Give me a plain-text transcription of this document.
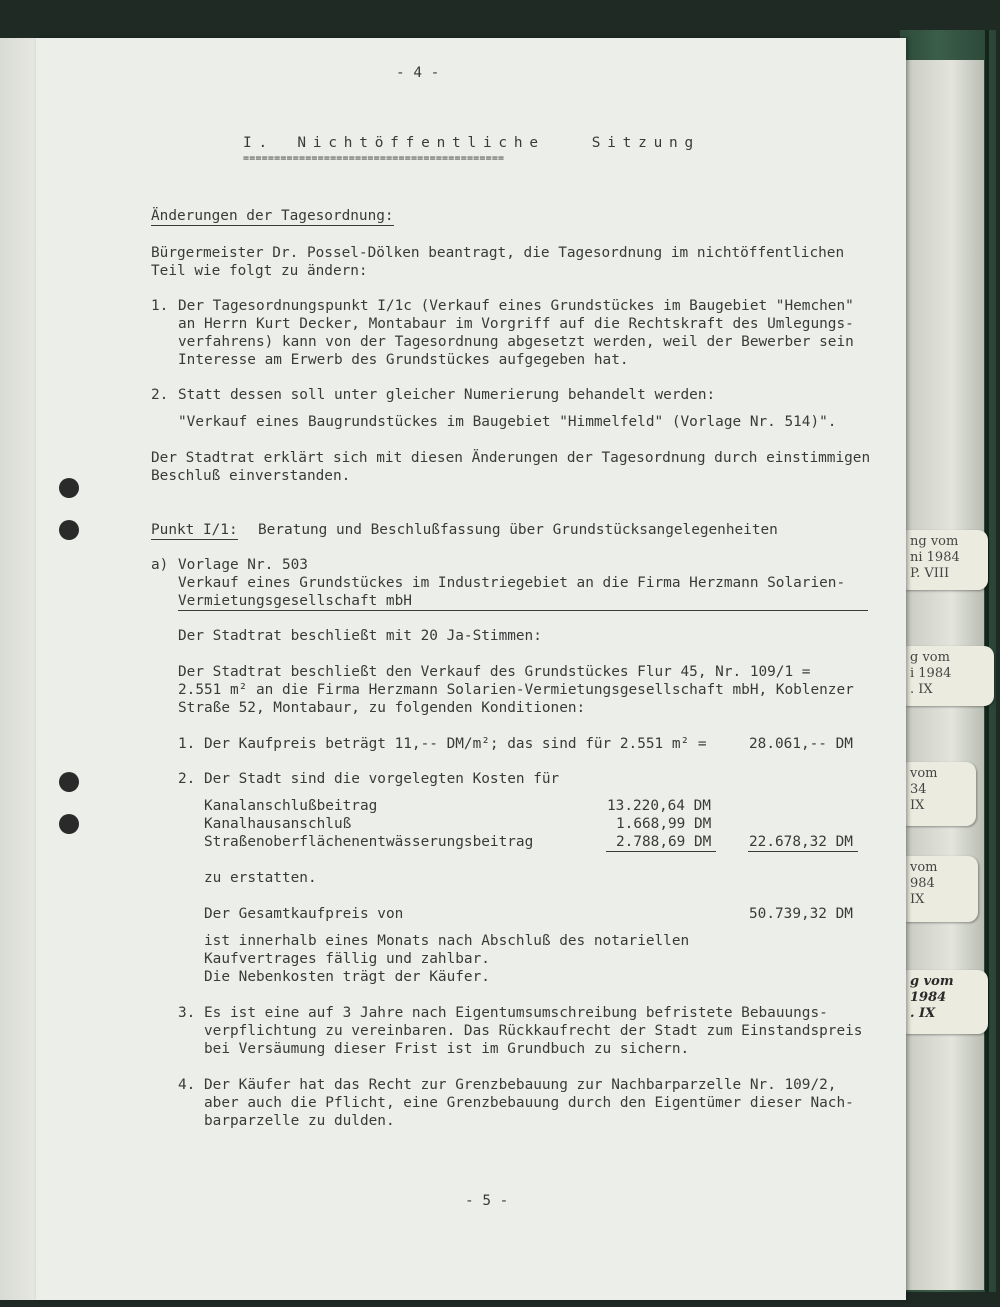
ng vom
ni 1984
P. VIII
g vom
i 1984
. IX
vom
34
IX
vom
984
IX
g vom
1984
. IX

- 4 -

I. Nichtöffentliche  Sitzung

==========================================

Änderungen der Tagesordnung:

Bürgermeister Dr. Possel-Dölken beantragt, die Tagesordnung im nichtöffentlichen

Teil wie folgt zu ändern:

1. Der Tagesordnungspunkt I/1c (Verkauf eines Grundstückes im Baugebiet "Hemchen"

an Herrn Kurt Decker, Montabaur im Vorgriff auf die Rechtskraft des Umlegungs-

verfahrens) kann von der Tagesordnung abgesetzt werden, weil der Bewerber sein

Interesse am Erwerb des Grundstückes aufgegeben hat.

2. Statt dessen soll unter gleicher Numerierung behandelt werden:

"Verkauf eines Baugrundstückes im Baugebiet "Himmelfeld" (Vorlage Nr. 514)".

Der Stadtrat erklärt sich mit diesen Änderungen der Tagesordnung durch einstimmigen

Beschluß einverstanden.

Punkt I/1: Beratung und Beschlußfassung über Grundstücksangelegenheiten

a) Vorlage Nr. 503

Verkauf eines Grundstückes im Industriegebiet an die Firma Herzmann Solarien-

Vermietungsgesellschaft mbH

Der Stadtrat beschließt mit 20 Ja-Stimmen:

Der Stadtrat beschließt den Verkauf des Grundstückes Flur 45, Nr. 109/1 =

2.551 m² an die Firma Herzmann Solarien-Vermietungsgesellschaft mbH, Koblenzer

Straße 52, Montabaur, zu folgenden Konditionen:

1. Der Kaufpreis beträgt 11,-- DM/m²; das sind für 2.551 m² =	28.061,-- DM

2. Der Stadt sind die vorgelegten Kosten für

Kanalanschlußbeitrag	13.220,64 DM

Kanalhausanschluß	1.668,99 DM

Straßenoberflächenentwässerungsbeitrag	2.788,69 DM	22.678,32 DM

zu erstatten.

Der Gesamtkaufpreis von	50.739,32 DM

ist innerhalb eines Monats nach Abschluß des notariellen

Kaufvertrages fällig und zahlbar.

Die Nebenkosten trägt der Käufer.

3. Es ist eine auf 3 Jahre nach Eigentumsumschreibung befristete Bebauungs-

verpflichtung zu vereinbaren. Das Rückkaufrecht der Stadt zum Einstandspreis

bei Versäumung dieser Frist ist im Grundbuch zu sichern.

4. Der Käufer hat das Recht zur Grenzbebauung zur Nachbarparzelle Nr. 109/2,

aber auch die Pflicht, eine Grenzbebauung durch den Eigentümer dieser Nach-

barparzelle zu dulden.

- 5 -
